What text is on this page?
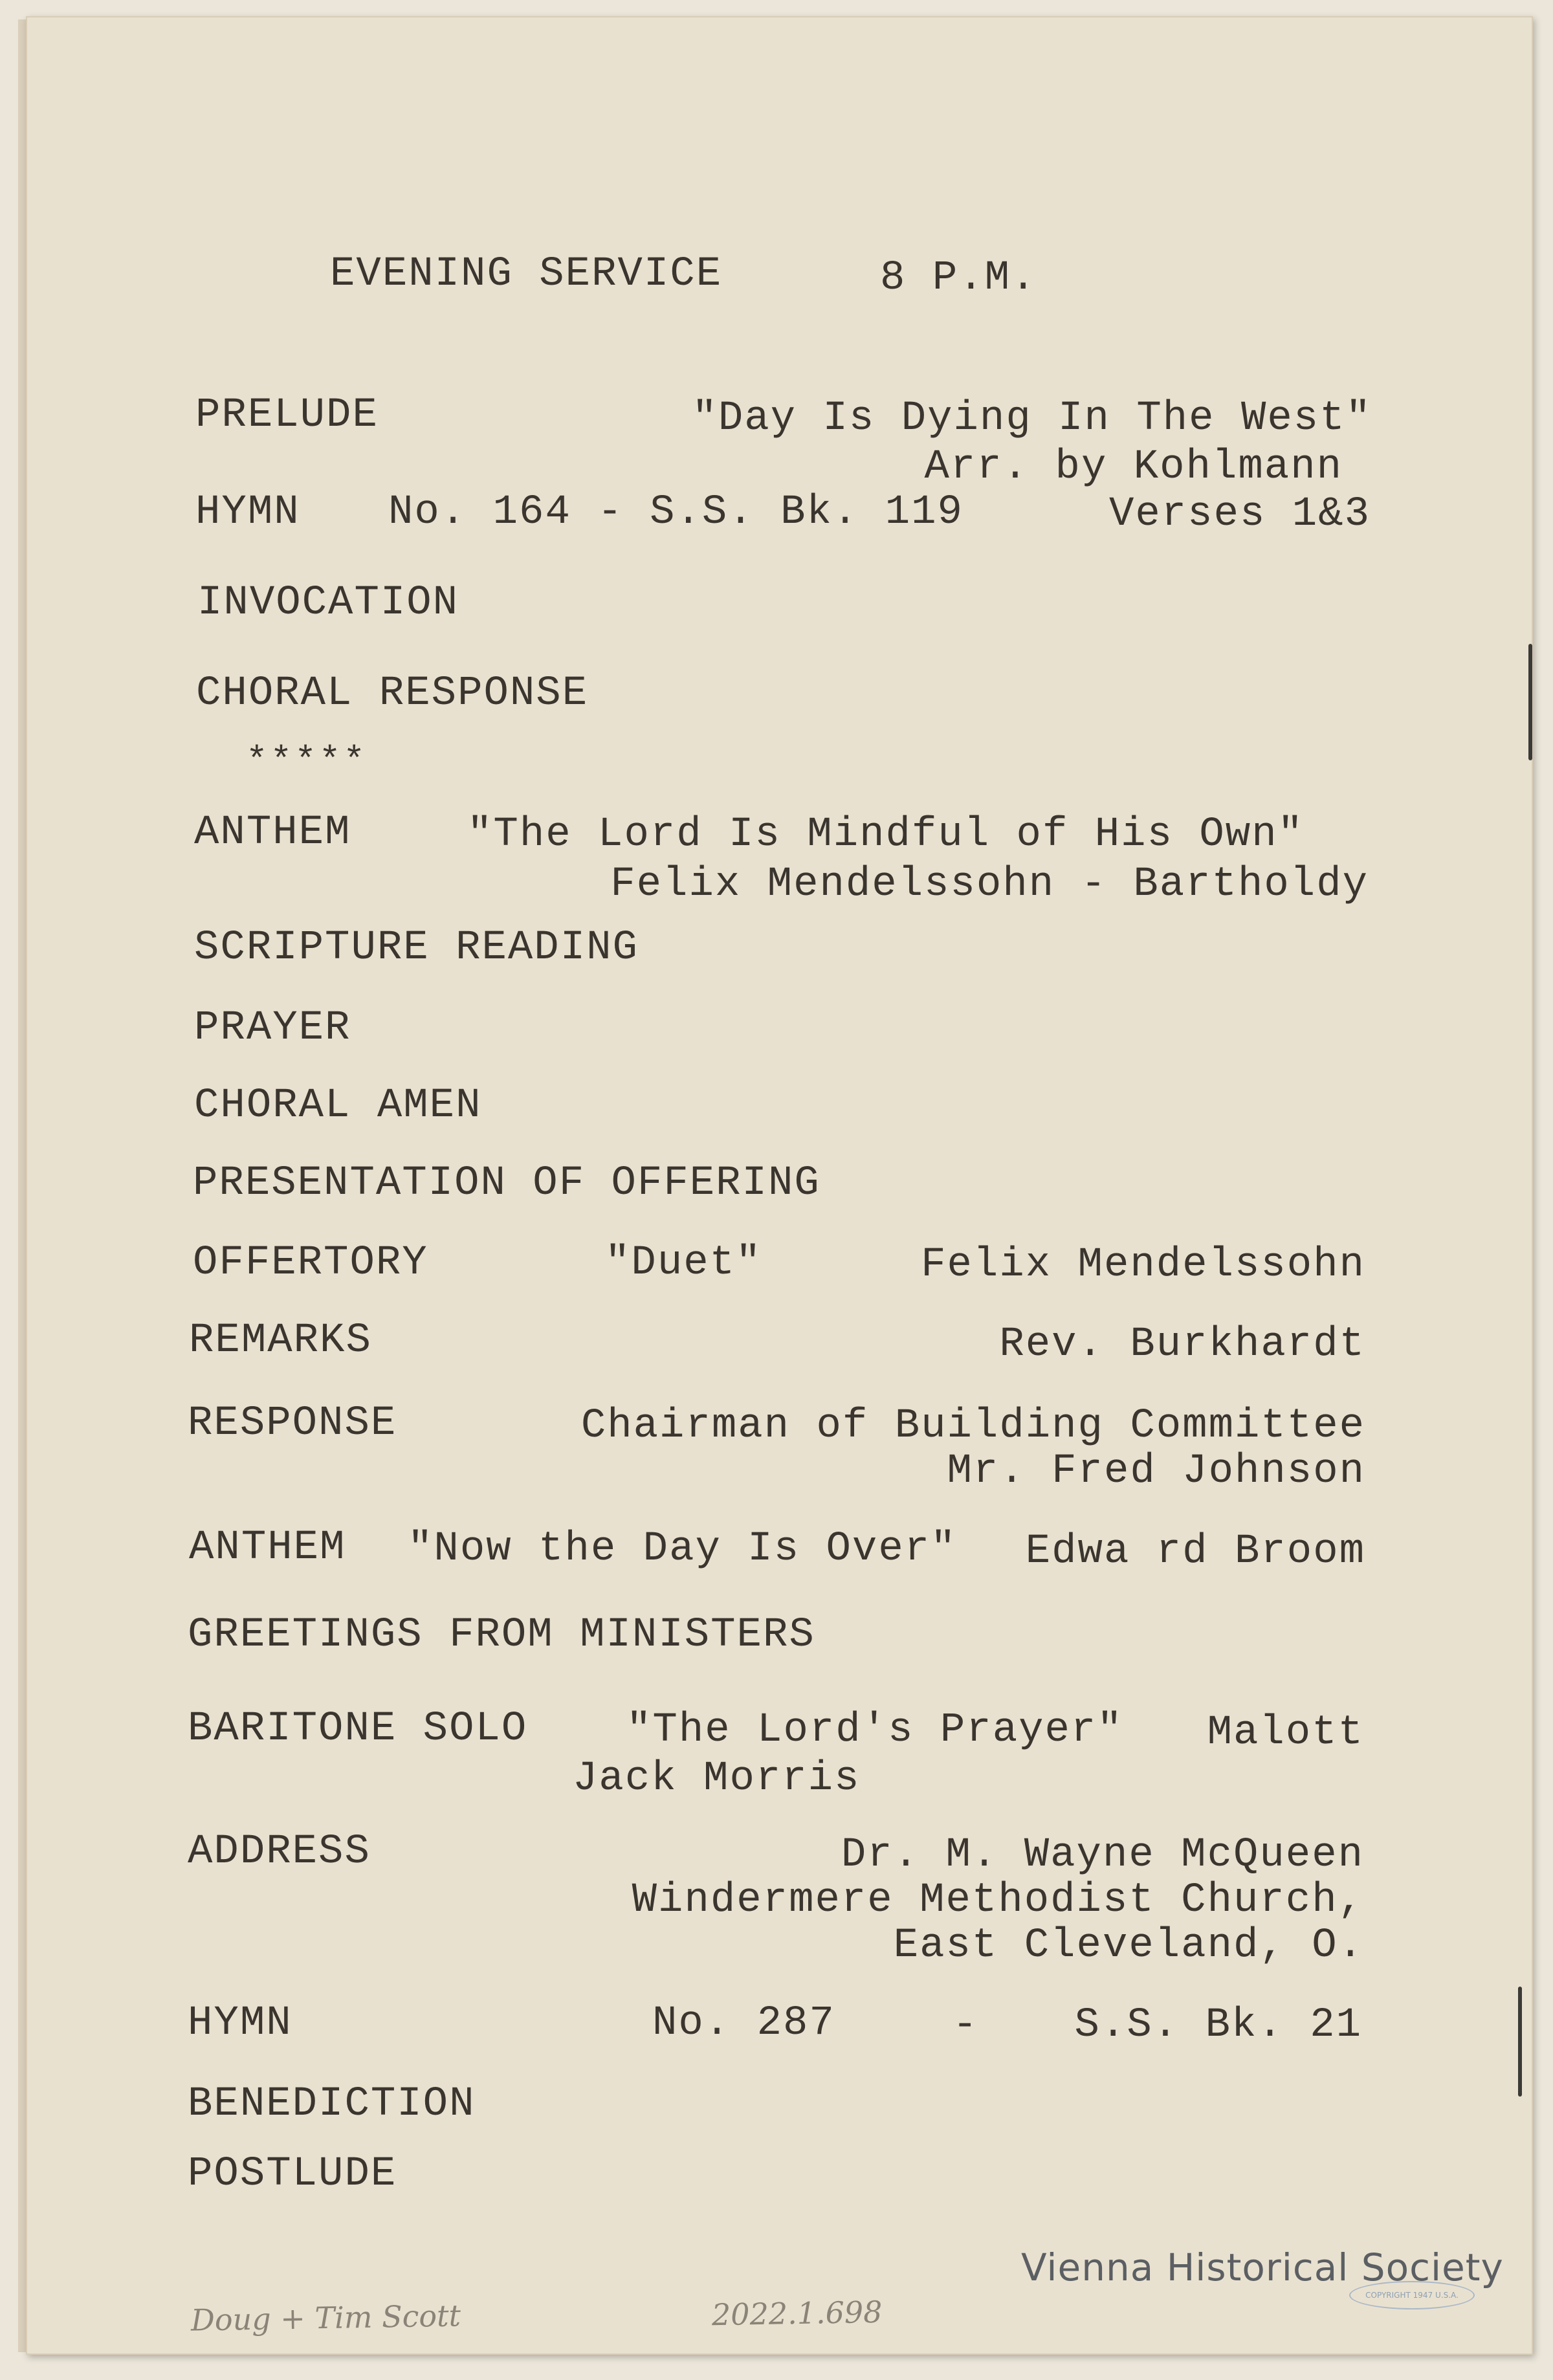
EVENING SERVICE	8 P.M.
PRELUDE	"Day Is Dying In The West"
Arr. by Kohlmann
HYMN No. 164 - S.S. Bk. 119	Verses 1&3
INVOCATION
CHORAL RESPONSE
*****
ANTHEM	"The Lord Is Mindful of His Own"
Felix Mendelssohn - Bartholdy
SCRIPTURE READING
PRAYER
CHORAL AMEN
PRESENTATION OF OFFERING
OFFERTORY	"Duet"	Felix Mendelssohn
REMARKS	Rev. Burkhardt
RESPONSE	Chairman of Building Committee
Mr. Fred Johnson
ANTHEM "Now the Day Is Over" Edwa rd Broom
GREETINGS FROM MINISTERS
BARITONE SOLO "The Lord's Prayer" Malott
Jack Morris
ADDRESS	Dr. M. Wayne McQueen
Windermere Methodist Church,
East Cleveland, O.
HYMN	No. 287	- S.S. Bk. 21
BENEDICTION
POSTLUDE
Doug + Tim Scott	2022.1.698
Vienna Historical Society
COPYRIGHT 1947 U.S.A.
